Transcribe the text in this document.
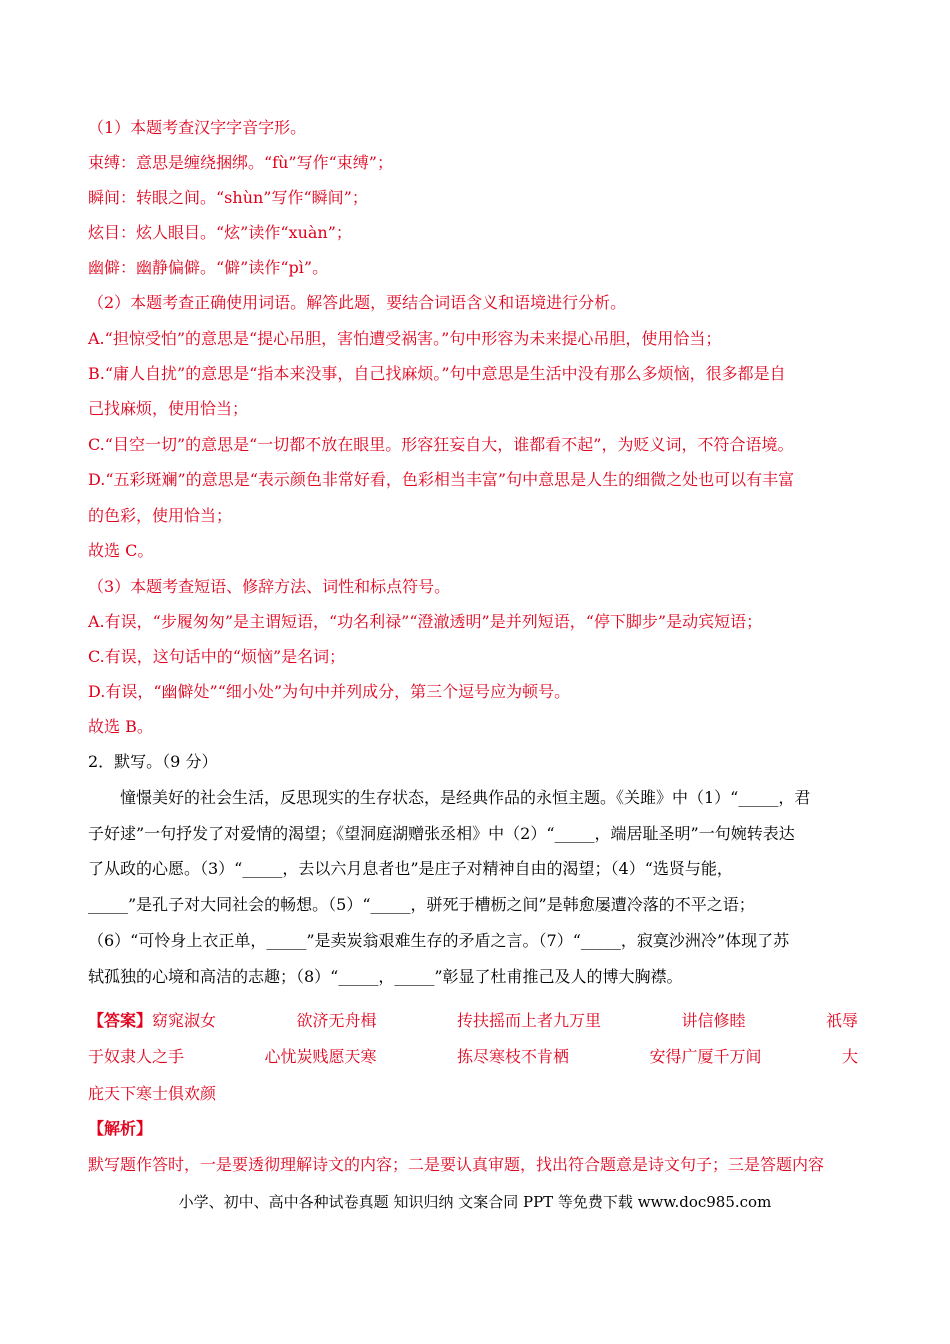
（1）本题考查汉字字音字形。
束缚：意思是缠绕捆绑。“fù”写作“束缚”；
瞬间：转眼之间。“shùn”写作“瞬间”；
炫目：炫人眼目。“炫”读作“xuàn”；
幽僻：幽静偏僻。“僻”读作“pì”。
（2）本题考查正确使用词语。解答此题，要结合词语含义和语境进行分析。
A.“担惊受怕”的意思是“提心吊胆，害怕遭受祸害。”句中形容为未来提心吊胆，使用恰当；
B.“庸人自扰”的意思是“指本来没事，自己找麻烦。”句中意思是生活中没有那么多烦恼，很多都是自
己找麻烦，使用恰当；
C.“目空一切”的意思是“一切都不放在眼里。形容狂妄自大，谁都看不起”，为贬义词，不符合语境。
D.“五彩斑斓”的意思是“表示颜色非常好看，色彩相当丰富”句中意思是人生的细微之处也可以有丰富
的色彩，使用恰当；
故选 C。
（3）本题考查短语、修辞方法、词性和标点符号。
A.有误，“步履匆匆”是主谓短语，“功名利禄”“澄澈透明”是并列短语，“停下脚步”是动宾短语；
C.有误，这句话中的“烦恼”是名词；
D.有误，“幽僻处”“细小处”为句中并列成分，第三个逗号应为顿号。
故选 B。
2．默写。（9 分）
憧憬美好的社会生活，反思现实的生存状态，是经典作品的永恒主题。《关雎》中（1）“_____，君
子好逑”一句抒发了对爱情的渴望；《望洞庭湖赠张丞相》中（2）“_____，端居耻圣明”一句婉转表达
了从政的心愿。（3）“_____，去以六月息者也”是庄子对精神自由的渴望；（4）“选贤与能，
_____”是孔子对大同社会的畅想。（5）“_____，骈死于槽枥之间”是韩愈屡遭冷落的不平之语；
（6）“可怜身上衣正单，_____”是卖炭翁艰难生存的矛盾之言。（7）“_____，寂寞沙洲冷”体现了苏
轼孤独的心境和高洁的志趣；（8）“_____，_____”彰显了杜甫推己及人的博大胸襟。
【答案】窈窕淑女	欲济无舟楫	抟扶摇而上者九万里	讲信修睦	祇辱
于奴隶人之手	心忧炭贱愿天寒	拣尽寒枝不肯栖	安得广厦千万间	大
庇天下寒士俱欢颜
【解析】
默写题作答时，一是要透彻理解诗文的内容；二是要认真审题，找出符合题意是诗文句子；三是答题内容
小学、初中、高中各种试卷真题 知识归纳 文案合同 PPT 等免费下载 www.doc985.com
